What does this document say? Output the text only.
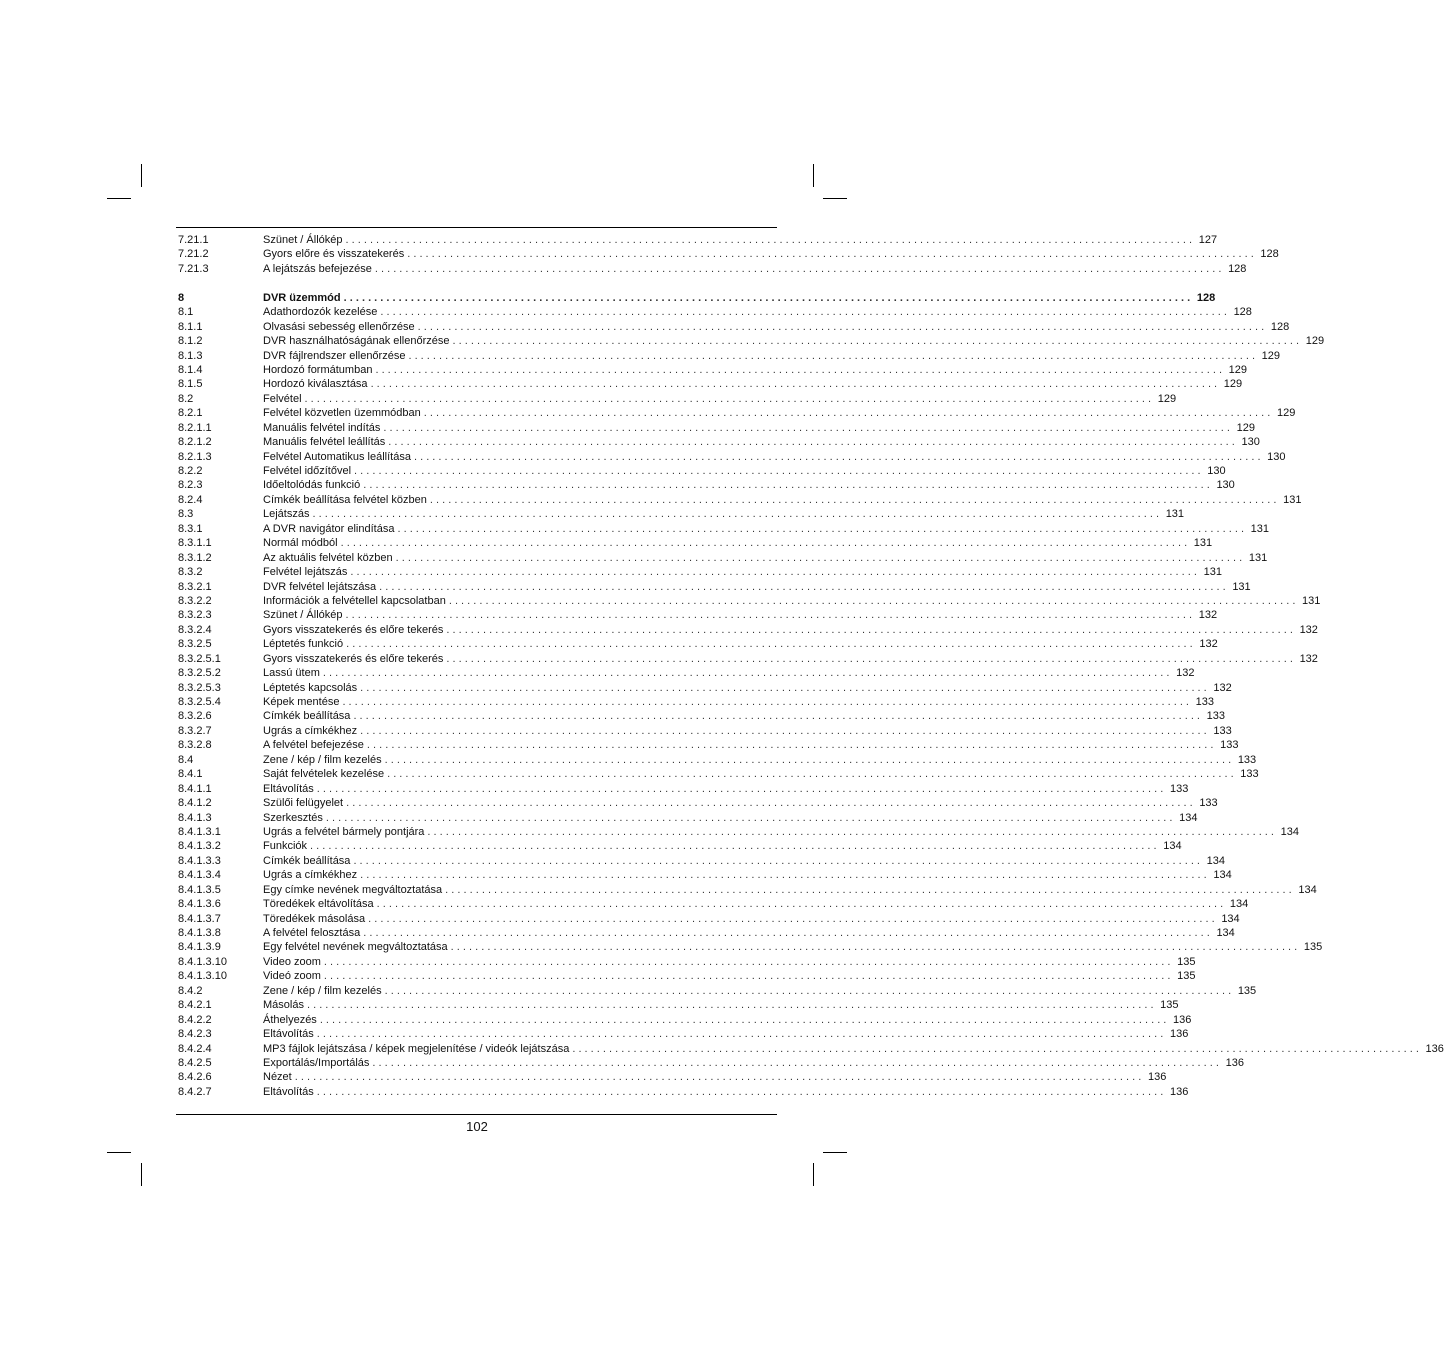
7.21.1	Szünet / Állókép . . .	127
7.21.2	Gyors előre és visszatekerés . . .	128
7.21.3	A lejátszás befejezése . . .	128
8	DVR üzemmód . . .	128
8.1	Adathordozók kezelése . . .	128
8.1.1	Olvasási sebesség ellenőrzése . . .	128
8.1.2	DVR használhatóságának ellenőrzése . . .	129
8.1.3	DVR fájlrendszer ellenőrzése . . .	129
8.1.4	Hordozó formátumban . . .	129
8.1.5	Hordozó kiválasztása . . .	129
8.2	Felvétel . . .	129
8.2.1	Felvétel közvetlen üzemmódban . . .	129
8.2.1.1	Manuális felvétel indítás . . .	129
8.2.1.2	Manuális felvétel leállítás . . .	130
8.2.1.3	Felvétel Automatikus leállítása . . .	130
8.2.2	Felvétel időzítővel . . .	130
8.2.3	Időeltolódás funkció . . .	130
8.2.4	Címkék beállítása felvétel közben . . .	131
8.3	Lejátszás . . .	131
8.3.1	A DVR navigátor elindítása . . .	131
8.3.1.1	Normál módból . . .	131
8.3.1.2	Az aktuális felvétel közben . . .	131
8.3.2	Felvétel lejátszás . . .	131
8.3.2.1	DVR felvétel lejátszása . . .	131
8.3.2.2	Információk a felvétellel kapcsolatban . . .	131
8.3.2.3	Szünet / Állókép . . .	132
8.3.2.4	Gyors visszatekerés és előre tekerés . . .	132
8.3.2.5	Léptetés funkció . . .	132
8.3.2.5.1	Gyors visszatekerés és előre tekerés . . .	132
8.3.2.5.2	Lassú ütem . . .	132
8.3.2.5.3	Léptetés kapcsolás . . .	132
8.3.2.5.4	Képek mentése . . .	133
8.3.2.6	Címkék beállítása . . .	133
8.3.2.7	Ugrás a címkékhez . . .	133
8.3.2.8	A felvétel befejezése . . .	133
8.4	Zene / kép / film kezelés . . .	133
8.4.1	Saját felvételek kezelése . . .	133
8.4.1.1	Eltávolítás . . .	133
8.4.1.2	Szülői felügyelet . . .	133
8.4.1.3	Szerkesztés . . .	134
8.4.1.3.1	Ugrás a felvétel bármely pontjára . . .	134
8.4.1.3.2	Funkciók . . .	134
8.4.1.3.3	Címkék beállítása . . .	134
8.4.1.3.4	Ugrás a címkékhez . . .	134
8.4.1.3.5	Egy címke nevének megváltoztatása . . .	134
8.4.1.3.6	Töredékek eltávolítása . . .	134
8.4.1.3.7	Töredékek másolása . . .	134
8.4.1.3.8	A felvétel felosztása . . .	134
8.4.1.3.9	Egy felvétel nevének megváltoztatása . . .	135
8.4.1.3.10	Video zoom . . .	135
8.4.1.3.10	Videó zoom . . .	135
8.4.2	Zene / kép / film kezelés . . .	135
8.4.2.1	Másolás . . .	135
8.4.2.2	Áthelyezés . . .	136
8.4.2.3	Eltávolítás . . .	136
8.4.2.4	MP3 fájlok lejátszása / képek megjelenítése / videók lejátszása . . .	136
8.4.2.5	Exportálás/Importálás . . .	136
8.4.2.6	Nézet . . .	136
8.4.2.7	Eltávolítás . . .	136
102
